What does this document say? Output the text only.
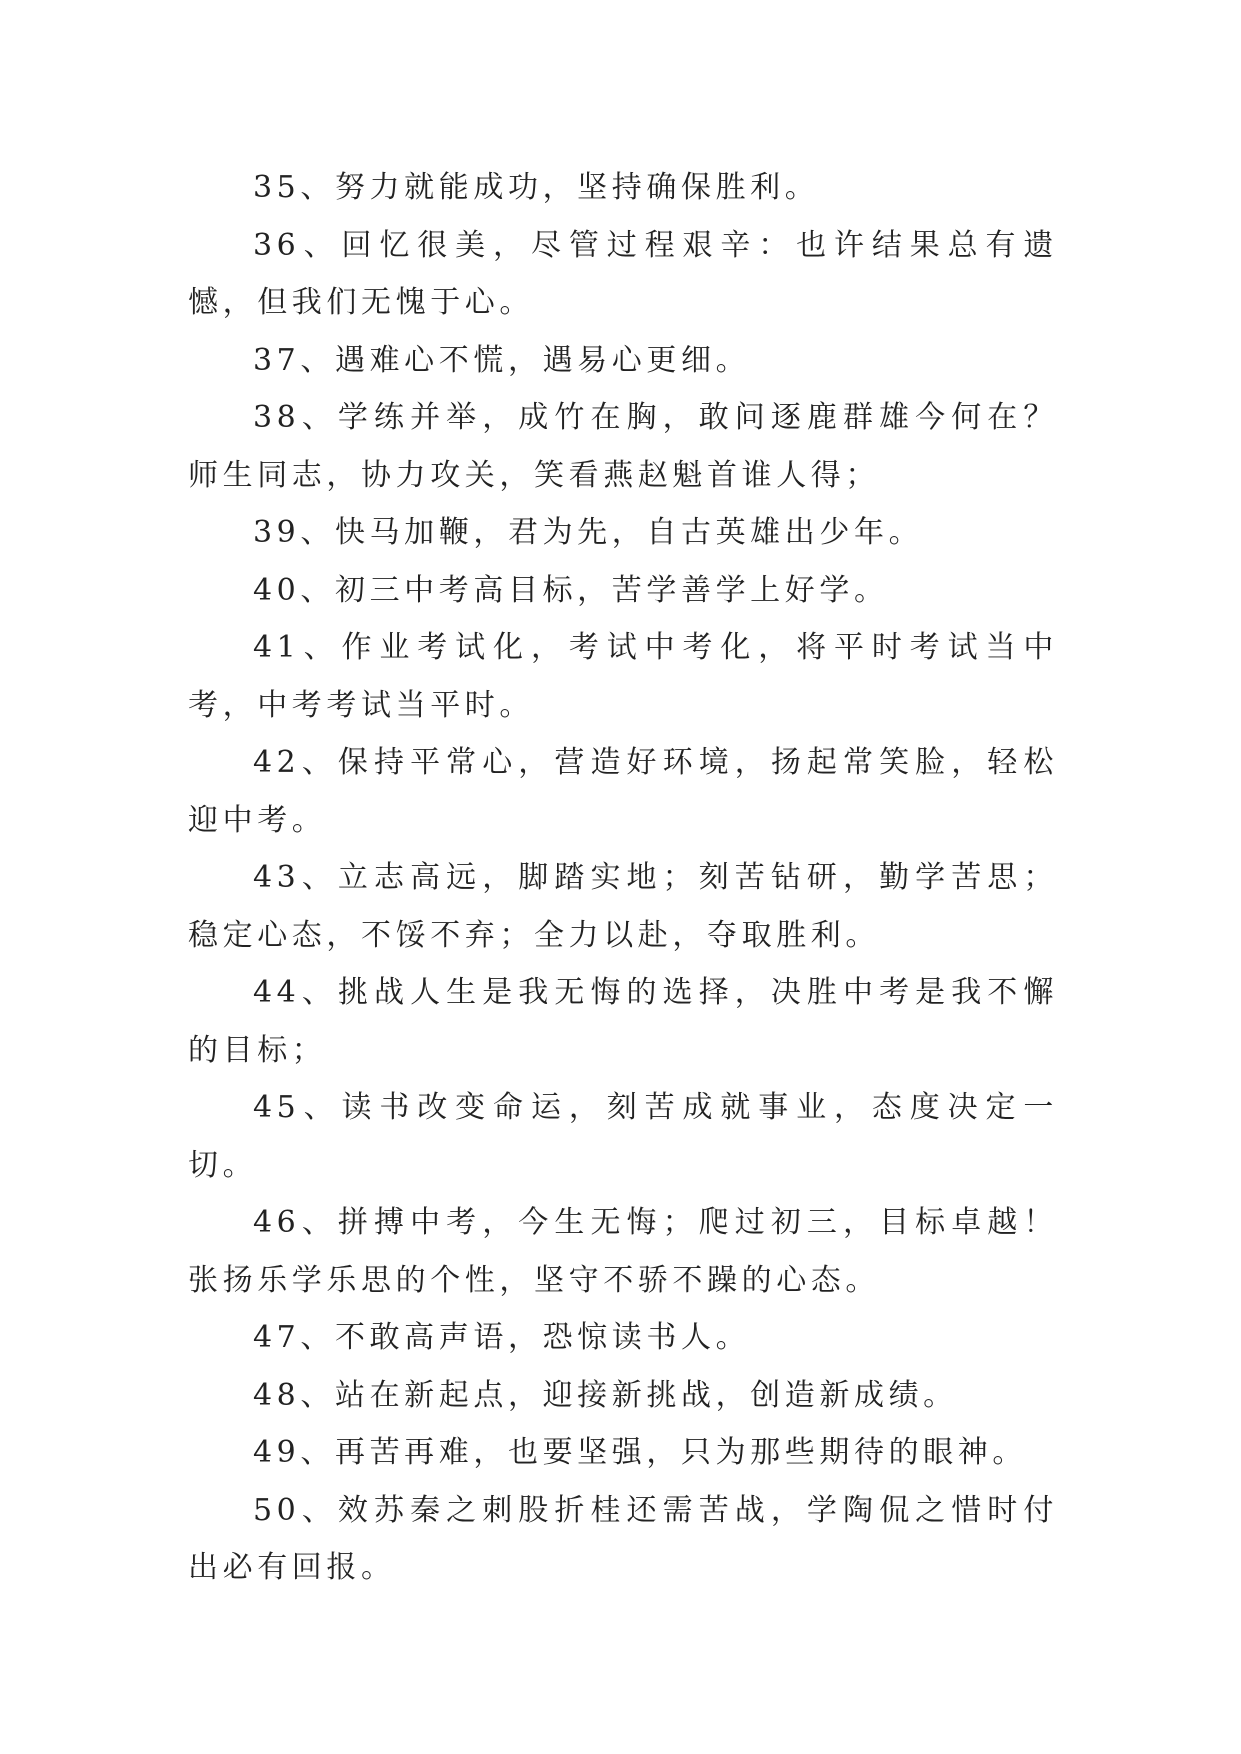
35、努力就能成功，坚持确保胜利。

36、回忆很美，尽管过程艰辛：也许结果总有遗憾，但我们无愧于心。

37、遇难心不慌，遇易心更细。

38、学练并举，成竹在胸，敢问逐鹿群雄今何在？师生同志，协力攻关，笑看燕赵魁首谁人得；

39、快马加鞭，君为先，自古英雄出少年。

40、初三中考高目标，苦学善学上好学。

41、作业考试化，考试中考化，将平时考试当中考，中考考试当平时。

42、保持平常心，营造好环境，扬起常笑脸，轻松迎中考。

43、立志高远，脚踏实地；刻苦钻研，勤学苦思；稳定心态，不馁不弃；全力以赴，夺取胜利。

44、挑战人生是我无悔的选择，决胜中考是我不懈的目标；

45、读书改变命运，刻苦成就事业，态度决定一切。

46、拼搏中考，今生无悔；爬过初三，目标卓越！张扬乐学乐思的个性，坚守不骄不躁的心态。

47、不敢高声语，恐惊读书人。

48、站在新起点，迎接新挑战，创造新成绩。

49、再苦再难，也要坚强，只为那些期待的眼神。

50、效苏秦之刺股折桂还需苦战，学陶侃之惜时付出必有回报。
